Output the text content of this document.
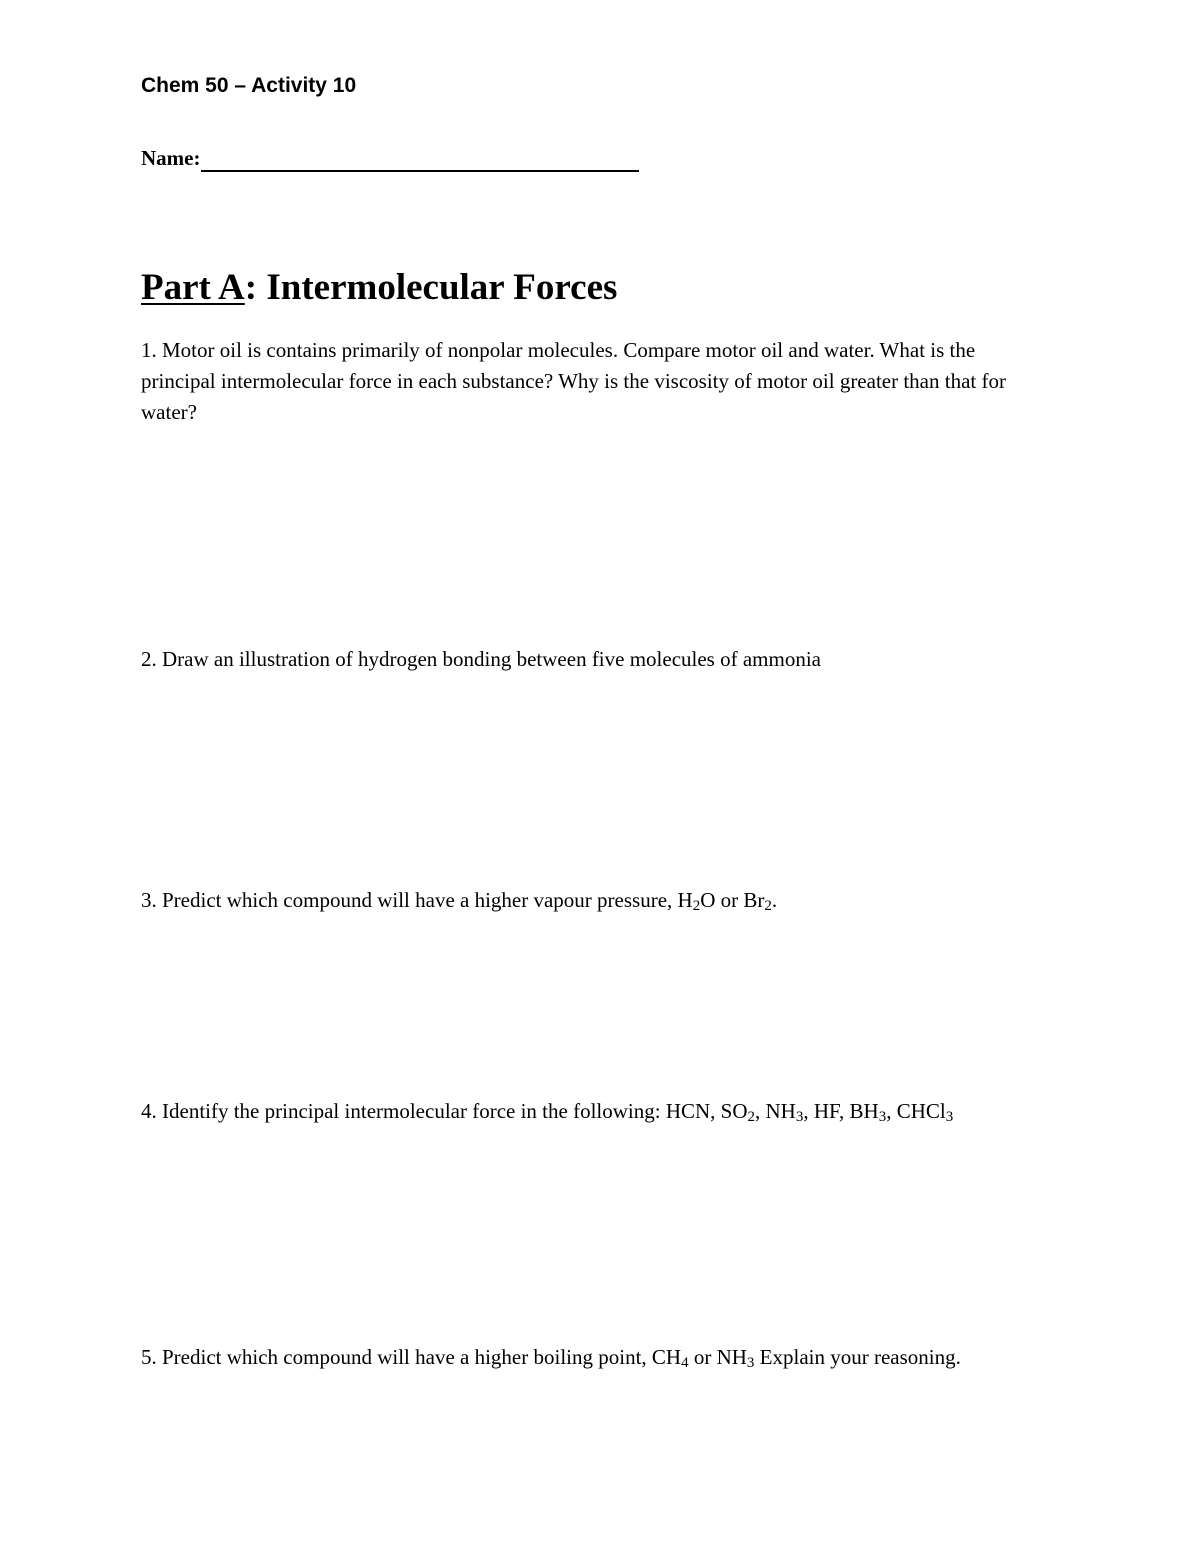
Chem 50 – Activity 10
Name:
Part A: Intermolecular Forces
1. Motor oil is contains primarily of nonpolar molecules. Compare motor oil and water. What is the principal intermolecular force in each substance? Why is the viscosity of motor oil greater than that for water?
2. Draw an illustration of hydrogen bonding between five molecules of ammonia
3. Predict which compound will have a higher vapour pressure, $H_2O$ or $Br_2$.
4. Identify the principal intermolecular force in the following: HCN, $SO_2$, $NH_3$, HF, $BH_3$, CHCl$_3$
5. Predict which compound will have a higher boiling point, $CH_4$ or $NH_3$ Explain your reasoning.
